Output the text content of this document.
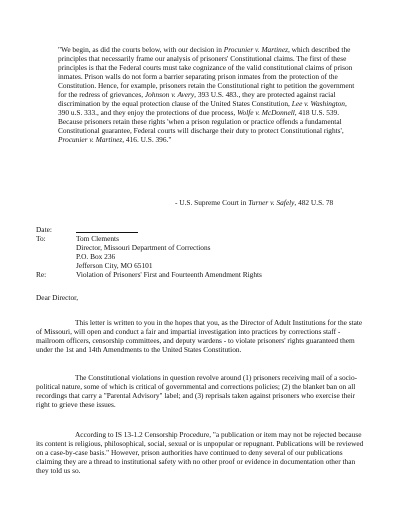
"We begin, as did the courts below, with our decision in Procunier v. Martinez, which described the principles that necessarily frame our analysis of prisoners' Constitutional claims. The first of these principles is that the Federal courts must take cognizance of the valid constitutional claims of prison inmates. Prison walls do not form a barrier separating prison inmates from the protection of the Constitution. Hence, for example, prisoners retain the Constitutional right to petition the government for the redress of grievances, Johnson v. Avery, 393 U.S. 483., they are protected against racial discrimination by the equal protection clause of the United States Constitution, Lee v. Washington, 390 u.S. 333., and they enjoy the protections of due process, Wolfe v. McDonnell, 418 U.S. 539. Because prisoners retain these rights 'when a prison regulation or practice offends a fundamental Constitutional guarantee, Federal courts will discharge their duty to protect Constitutional rights', Procunier v. Martinez, 416. U.S. 396."

- U.S. Supreme Court in Turner v. Safely, 482 U.S. 78
Date:
To:	Tom Clements
Director, Missouri Department of Corrections
P.O. Box 236
Jefferson City, MO 65101
Re:	Violation of Prisoners' First and Fourteenth Amendment Rights
Dear Director,

This letter is written to you in the hopes that you, as the Director of Adult Institutions for the state of Missouri, will open and conduct a fair and impartial investigation into practices by corrections staff - mailroom officers, censorship committees, and deputy wardens - to violate prisoners' rights guaranteed them under the 1st and 14th Amendments to the United States Constitution.

The Constitutional violations in question revolve around (1) prisoners receiving mail of a socio-political nature, some of which is critical of governmental and corrections policies; (2) the blanket ban on all recordings that carry a "Parental Advisory" label; and (3) reprisals taken against prisoners who exercise their right to grieve these issues.

According to IS 13-1.2 Censorship Procedure, "a publication or item may not be rejected because its content is religious, philosophical, social, sexual or is unpopular or repugnant. Publications will be reviewed on a case-by-case basis." However, prison authorities have continued to deny several of our publications claiming they are a thread to institutional safety with no other proof or evidence in documentation other than they told us so.
